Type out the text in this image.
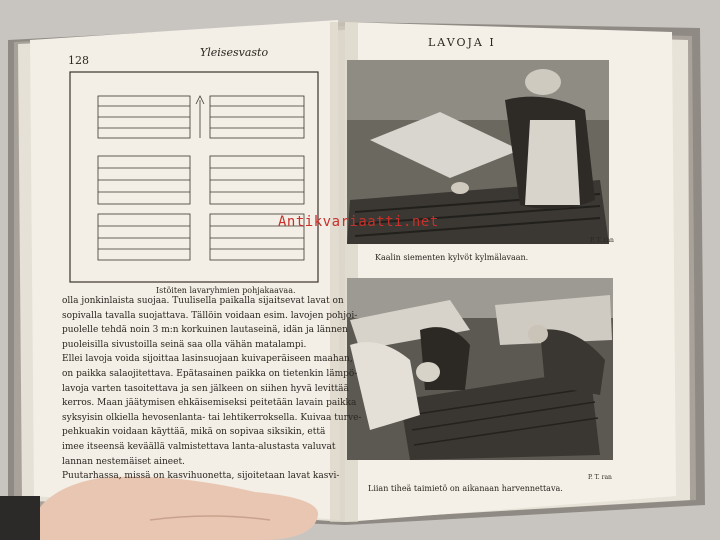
128
Yleisesvasto
LAVOJA I
Istöiten lavaryhmien pohjakaavaa.
Kaalin siementen kylvöt kylmälavaan.
P. T. ran
Liian tiheä taimietö on aikanaan harvennettava.
P. T. ran
olla jonkinlaista suojaa. Tuulisella paikalla sijaitsevat lavat on
sopivalla tavalla suojattava. Tällöin voidaan esim. lavojen pohjoi-
puolelle tehdä noin 3 m:n korkuinen lautaseinä, idän ja lännen
puoleisilla sivustoilla seinä saa olla vähän matalampi.
Ellei lavoja voida sijoittaa lasinsuojaan kuivaperäiseen maahan,
on paikka salaojitettava. Epätasainen paikka on tietenkin lämpö-
lavoja varten tasoitettava ja sen jälkeen on siihen hyvä levittää
kerros. Maan jäätymisen ehkäisemiseksi peitetään lavain paikka
syksyisin olkiella hevosenlanta- tai lehtikerroksella. Kuivaa turve-
pehkuakin voidaan käyttää, mikä on sopivaa siksikin, että
imee itseensä keväällä valmistettava lanta-alustasta valuvat
lannan nestemäiset aineet.
Puutarhassa, missä on kasvihuonetta, sijoitetaan lavat kasvi-
Antikvariaatti.net
